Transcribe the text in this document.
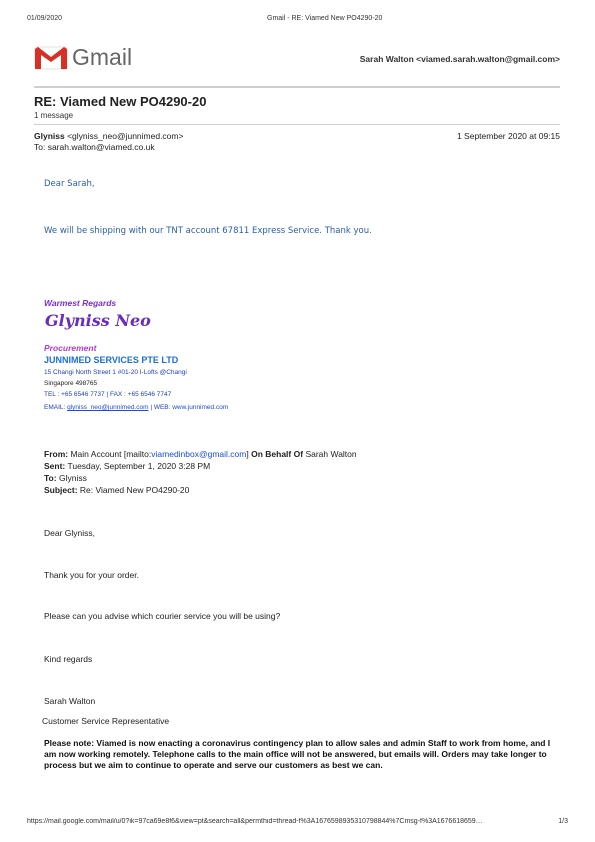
01/09/2020	Gmail - RE: Viamed New PO4290-20
Gmail	Sarah Walton <viamed.sarah.walton@gmail.com>
RE: Viamed New PO4290-20
1 message
Glyniss <glyniss_neo@junnimed.com>	1 September 2020 at 09:15
To: sarah.walton@viamed.co.uk
Dear Sarah,
We will be shipping with our TNT account 67811 Express Service. Thank you.
Warmest Regards
Glyniss Neo
Procurement
JUNNIMED SERVICES PTE LTD
15 Changi North Street 1 #01-20 I-Lofts @Changi
Singapore 498765
TEL : +65 6546 7737 | FAX : +65 6546 7747
EMAIL: glyniss_neo@junnimed.com | WEB: www.junnimed.com
From: Main Account [mailto:viamedinbox@gmail.com] On Behalf Of Sarah Walton
Sent: Tuesday, September 1, 2020 3:28 PM
To: Glyniss
Subject: Re: Viamed New PO4290-20
Dear Glyniss,
Thank you for your order.
Please can you advise which courier service you will be using?
Kind regards
Sarah Walton
Customer Service Representative
Please note: Viamed is now enacting a coronavirus contingency plan to allow sales and admin Staff to work from home, and I am now working remotely. Telephone calls to the main office will not be answered, but emails will. Orders may take longer to process but we aim to continue to operate and serve our customers as best we can.
https://mail.google.com/mail/u/0?ik=97ca69e8f6&view=pt&search=all&permthid=thread-f%3A1676598935310798844%7Cmsg-f%3A1676618659…	1/3
